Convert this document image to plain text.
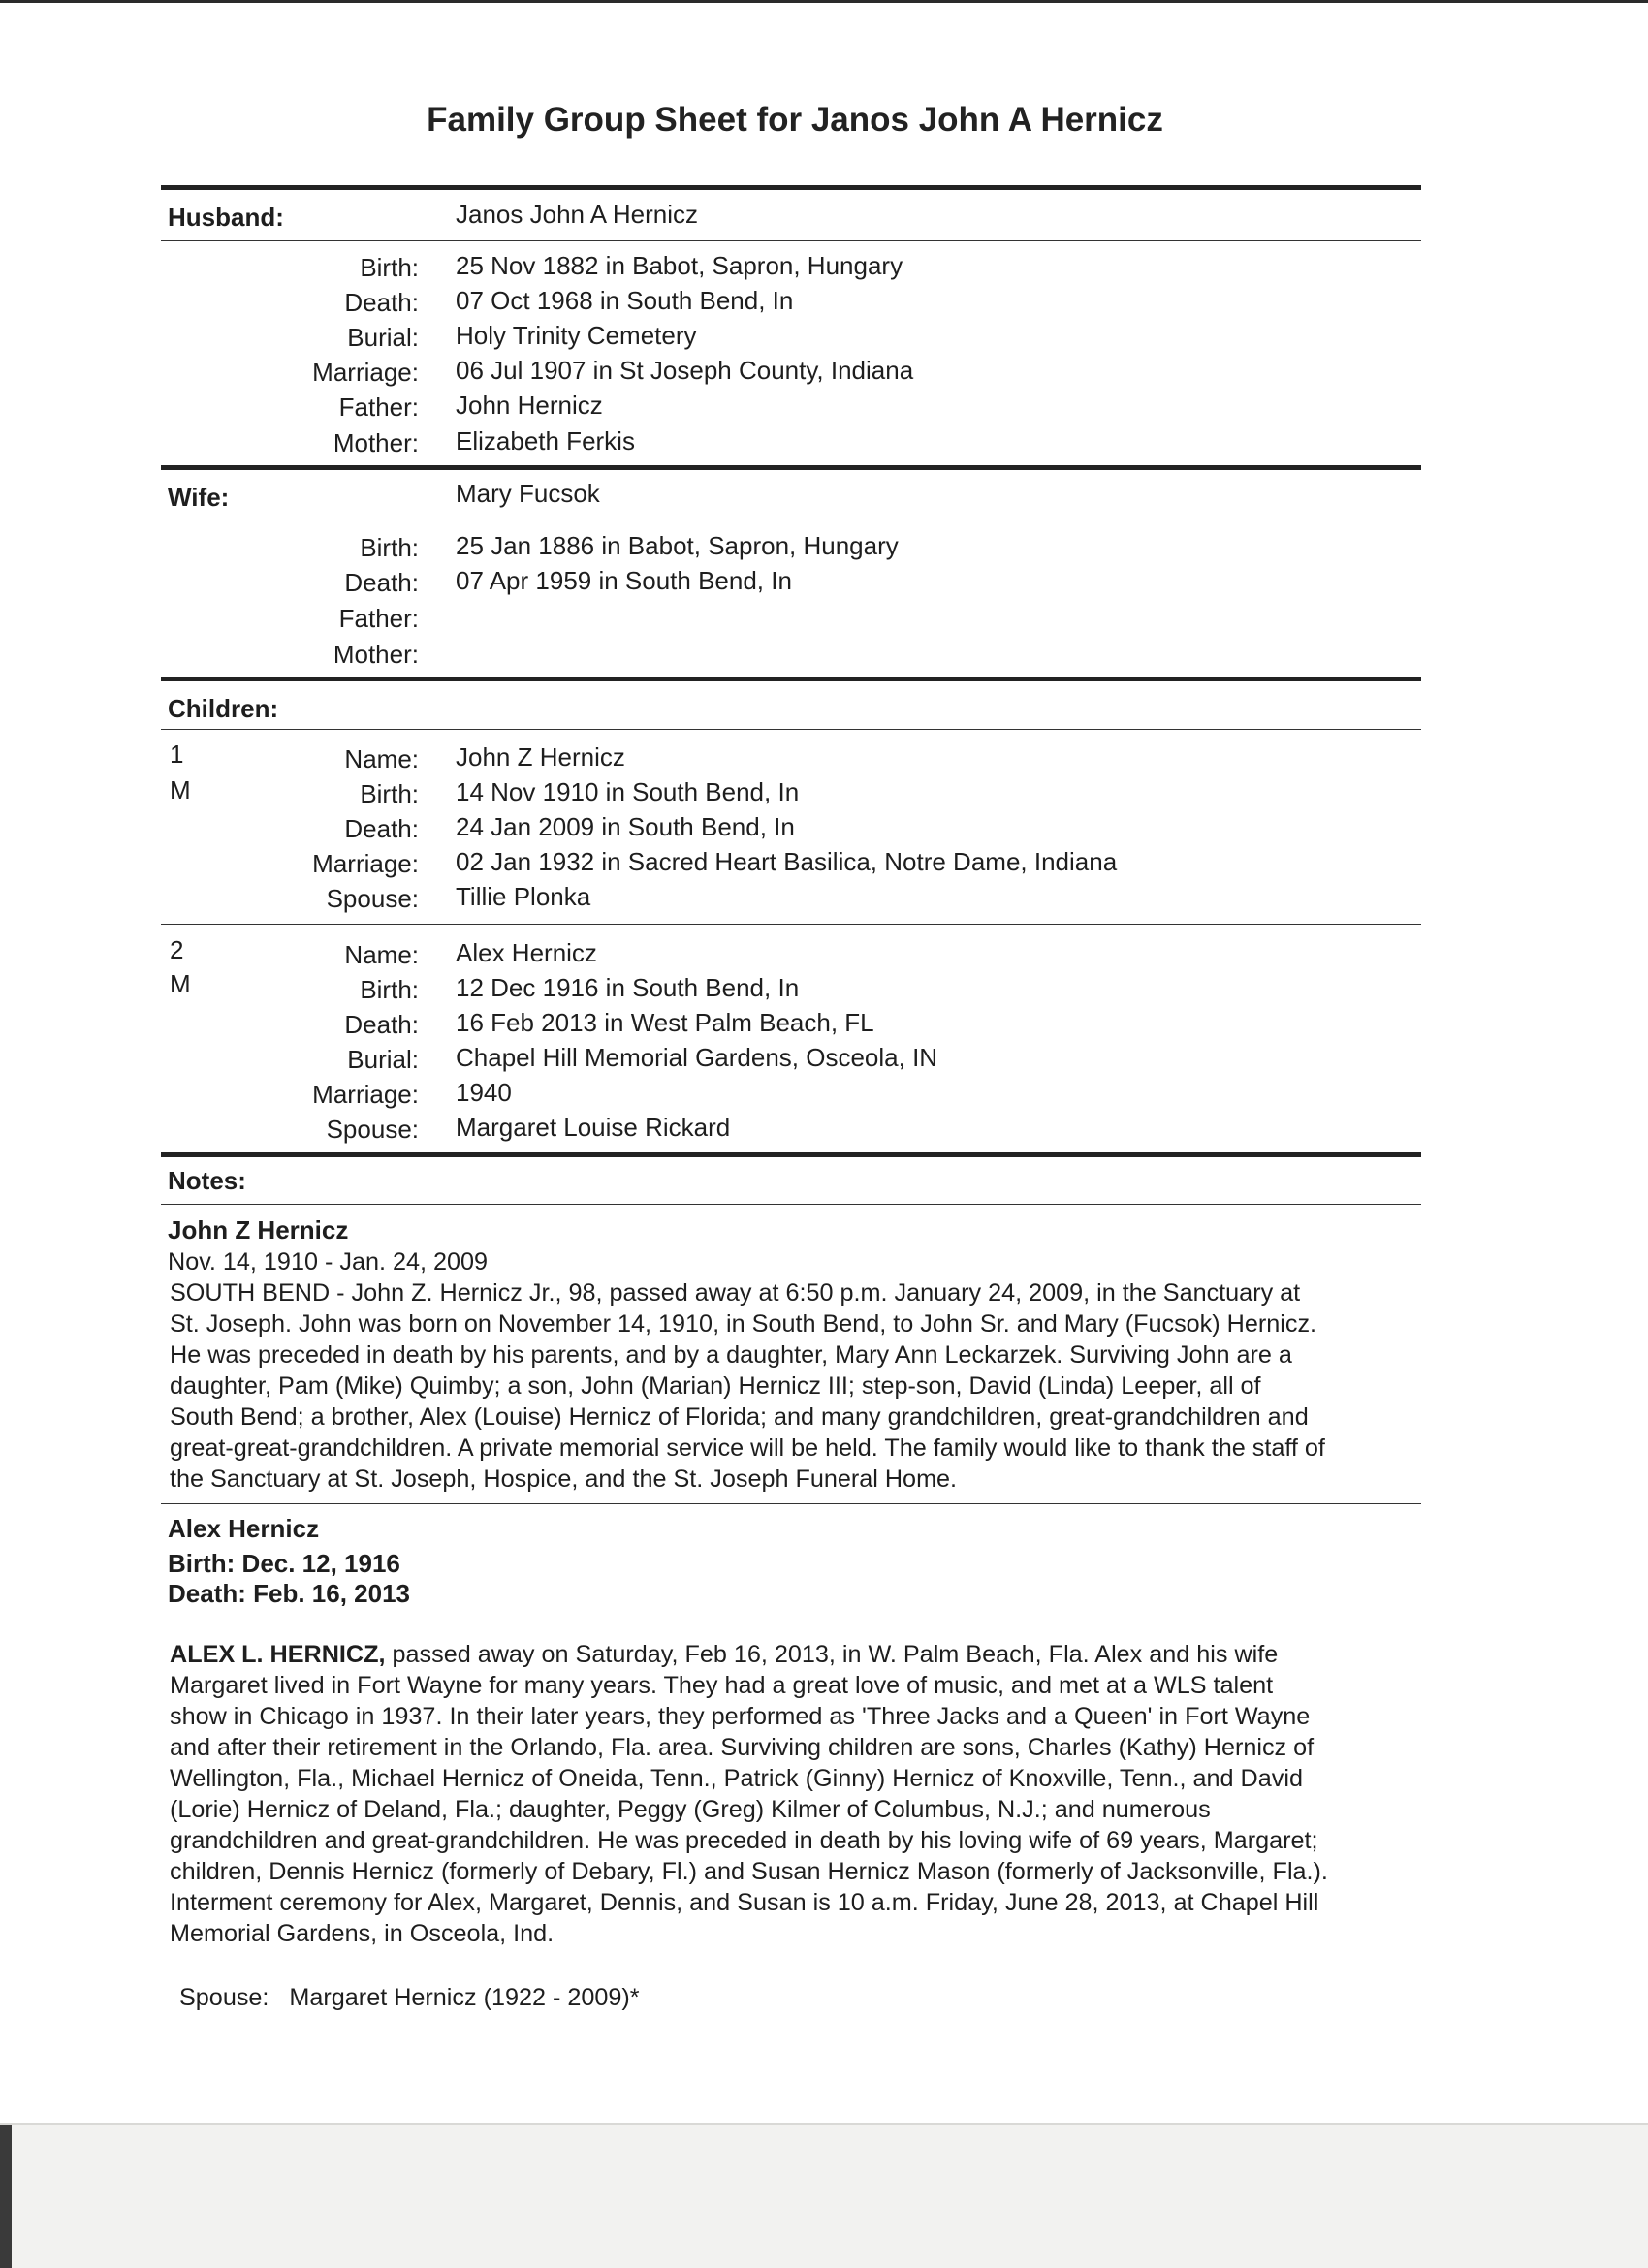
Family Group Sheet for Janos John A Hernicz
Husband:	Janos John A Hernicz
Birth: 25 Nov 1882 in Babot, Sapron, Hungary
Death: 07 Oct 1968 in South Bend, In
Burial: Holy Trinity Cemetery
Marriage: 06 Jul 1907 in St Joseph County, Indiana
Father: John Hernicz
Mother: Elizabeth Ferkis
Wife:	Mary Fucsok
Birth: 25 Jan 1886 in Babot, Sapron, Hungary
Death: 07 Apr 1959 in South Bend, In
Father:
Mother:
Children:
1
M
Name: John Z Hernicz
Birth: 14 Nov 1910 in South Bend, In
Death: 24 Jan 2009 in South Bend, In
Marriage: 02 Jan 1932 in Sacred Heart Basilica, Notre Dame, Indiana
Spouse: Tillie Plonka
2
M
Name: Alex Hernicz
Birth: 12 Dec 1916 in South Bend, In
Death: 16 Feb 2013 in West Palm Beach, FL
Burial: Chapel Hill Memorial Gardens, Osceola, IN
Marriage: 1940
Spouse: Margaret Louise Rickard
Notes:
John Z Hernicz
Nov. 14, 1910 - Jan. 24, 2009
SOUTH BEND - John Z. Hernicz Jr., 98, passed away at 6:50 p.m. January 24, 2009, in the Sanctuary at
St. Joseph. John was born on November 14, 1910, in South Bend, to John Sr. and Mary (Fucsok) Hernicz.
He was preceded in death by his parents, and by a daughter, Mary Ann Leckarzek. Surviving John are a
daughter, Pam (Mike) Quimby; a son, John (Marian) Hernicz III; step-son, David (Linda) Leeper, all of
South Bend; a brother, Alex (Louise) Hernicz of Florida; and many grandchildren, great-grandchildren and
great-great-grandchildren. A private memorial service will be held. The family would like to thank the staff of
the Sanctuary at St. Joseph, Hospice, and the St. Joseph Funeral Home.
Alex Hernicz
Birth: Dec. 12, 1916
Death: Feb. 16, 2013
ALEX L. HERNICZ, passed away on Saturday, Feb 16, 2013, in W. Palm Beach, Fla. Alex and his wife
Margaret lived in Fort Wayne for many years. They had a great love of music, and met at a WLS talent
show in Chicago in 1937. In their later years, they performed as 'Three Jacks and a Queen' in Fort Wayne
and after their retirement in the Orlando, Fla. area. Surviving children are sons, Charles (Kathy) Hernicz of
Wellington, Fla., Michael Hernicz of Oneida, Tenn., Patrick (Ginny) Hernicz of Knoxville, Tenn., and David
(Lorie) Hernicz of Deland, Fla.; daughter, Peggy (Greg) Kilmer of Columbus, N.J.; and numerous
grandchildren and great-grandchildren. He was preceded in death by his loving wife of 69 years, Margaret;
children, Dennis Hernicz (formerly of Debary, Fl.) and Susan Hernicz Mason (formerly of Jacksonville, Fla.).
Interment ceremony for Alex, Margaret, Dennis, and Susan is 10 a.m. Friday, June 28, 2013, at Chapel Hill
Memorial Gardens, in Osceola, Ind.
Spouse:   Margaret Hernicz (1922 - 2009)*
